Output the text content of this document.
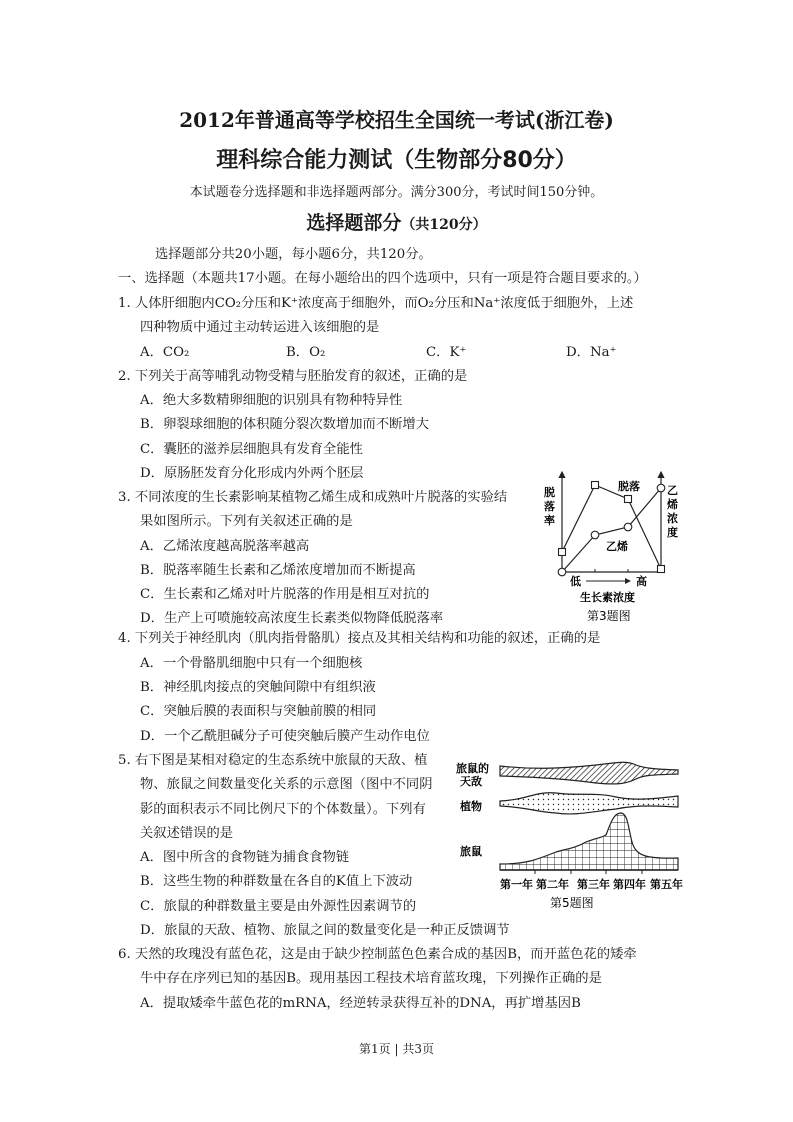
2012年普通高等学校招生全国统一考试(浙江卷)
理科综合能力测试（生物部分80分）
本试题卷分选择题和非选择题两部分。满分300分，考试时间150分钟。
选择题部分（共120分）
选择题部分共20小题，每小题6分，共120分。
一、选择题（本题共17小题。在每小题给出的四个选项中，只有一项是符合题目要求的。）
1. 人体肝细胞内CO₂分压和K⁺浓度高于细胞外，而O₂分压和Na⁺浓度低于细胞外，上述
四种物质中通过主动转运进入该细胞的是
A．CO₂	B．O₂	C．K⁺	D．Na⁺
2. 下列关于高等哺乳动物受精与胚胎发育的叙述，正确的是
A．绝大多数精卵细胞的识别具有物种特异性
B．卵裂球细胞的体积随分裂次数增加而不断增大
C．囊胚的滋养层细胞具有发育全能性
D．原肠胚发育分化形成内外两个胚层
3. 不同浓度的生长素影响某植物乙烯生成和成熟叶片脱落的实验结
果如图所示。下列有关叙述正确的是
A．乙烯浓度越高脱落率越高
B．脱落率随生长素和乙烯浓度增加而不断提高
C．生长素和乙烯对叶片脱落的作用是相互对抗的
D．生产上可喷施较高浓度生长素类似物降低脱落率
脱
落
率
乙
烯
浓
度
脱落
乙烯
低	高
生长素浓度
第3题图
4. 下列关于神经肌肉（肌肉指骨骼肌）接点及其相关结构和功能的叙述，正确的是
A．一个骨骼肌细胞中只有一个细胞核
B．神经肌肉接点的突触间隙中有组织液
C．突触后膜的表面积与突触前膜的相同
D．一个乙酰胆碱分子可使突触后膜产生动作电位
5. 右下图是某相对稳定的生态系统中旅鼠的天敌、植
物、旅鼠之间数量变化关系的示意图（图中不同阴
影的面积表示不同比例尺下的个体数量）。下列有
关叙述错误的是
A．图中所含的食物链为捕食食物链
B．这些生物的种群数量在各自的K值上下波动
C．旅鼠的种群数量主要是由外源性因素调节的
D．旅鼠的天敌、植物、旅鼠之间的数量变化是一种正反馈调节
旅鼠的
天敌
植物
旅鼠
第一年 第二年 第三年 第四年 第五年
第5题图
6. 天然的玫瑰没有蓝色花，这是由于缺少控制蓝色色素合成的基因B，而开蓝色花的矮牵
牛中存在序列已知的基因B。现用基因工程技术培育蓝玫瑰，下列操作正确的是
A．提取矮牵牛蓝色花的mRNA，经逆转录获得互补的DNA，再扩增基因B
第1页 | 共3页
